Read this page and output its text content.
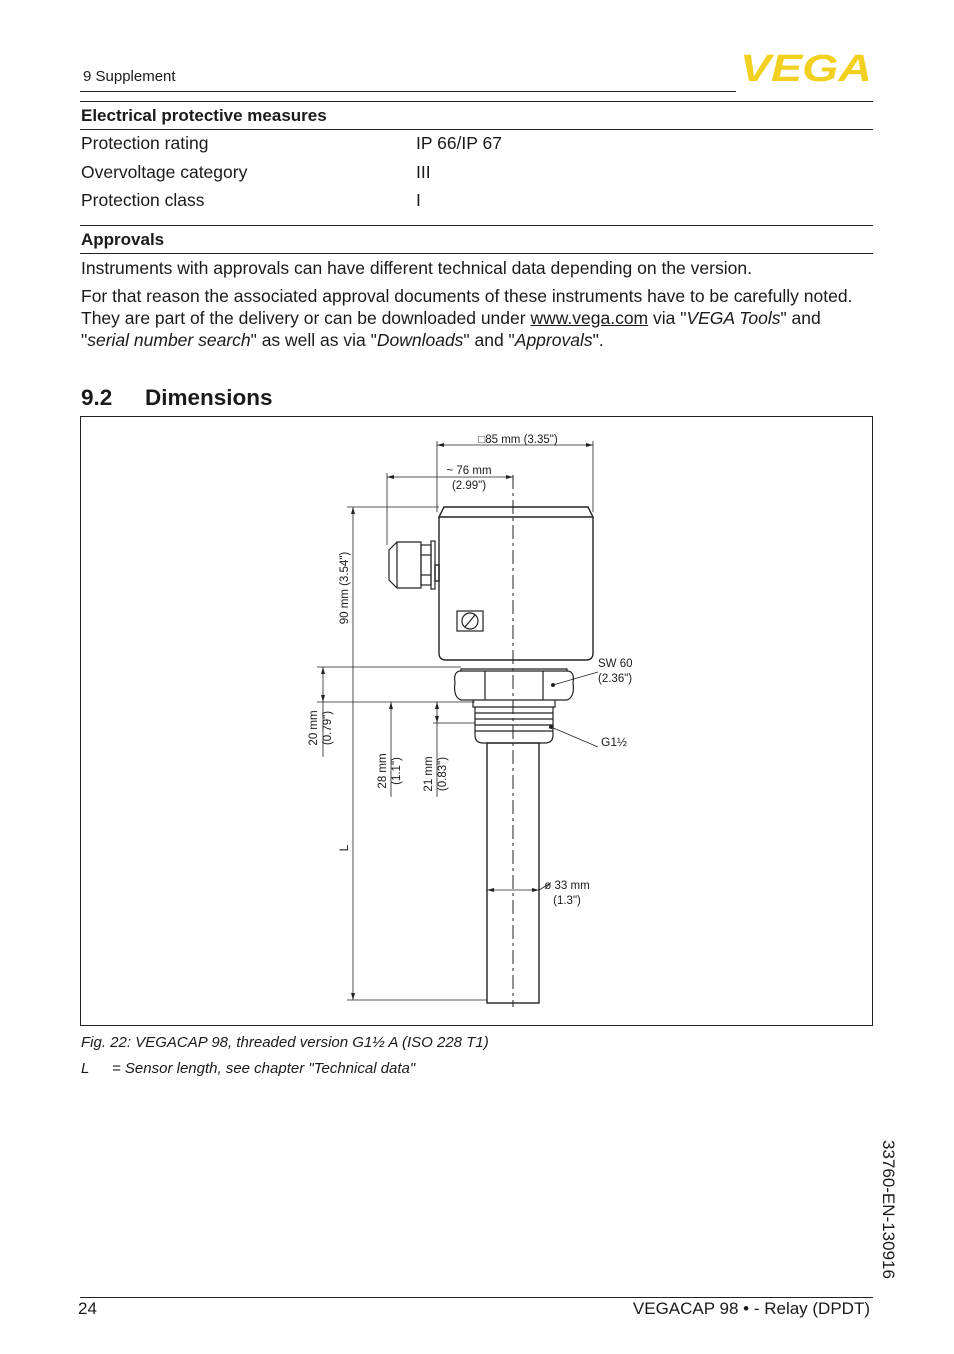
9 Supplement	VEGA
Electrical protective measures
Protection rating	IP 66/IP 67
Overvoltage category	III
Protection class	I
Approvals
Instruments with approvals can have different technical data depending on the version.
For that reason the associated approval documents of these instruments have to be carefully noted. They are part of the delivery or can be downloaded under www.vega.com via "VEGA Tools" and "serial number search" as well as via "Downloads" and "Approvals".
9.2 Dimensions
□85 mm (3.35")
~ 76 mm
(2.99")
90 mm (3.54")
SW 60
(2.36")
G1½
20 mm (0.79")
28 mm (1.1") 21 mm (0.83")
L
ø 33 mm
(1.3")
Fig. 22: VEGACAP 98, threaded version G1½ A (ISO 228 T1)
L = Sensor length, see chapter "Technical data"
33760-EN-130916
24	VEGACAP 98 • - Relay (DPDT)
